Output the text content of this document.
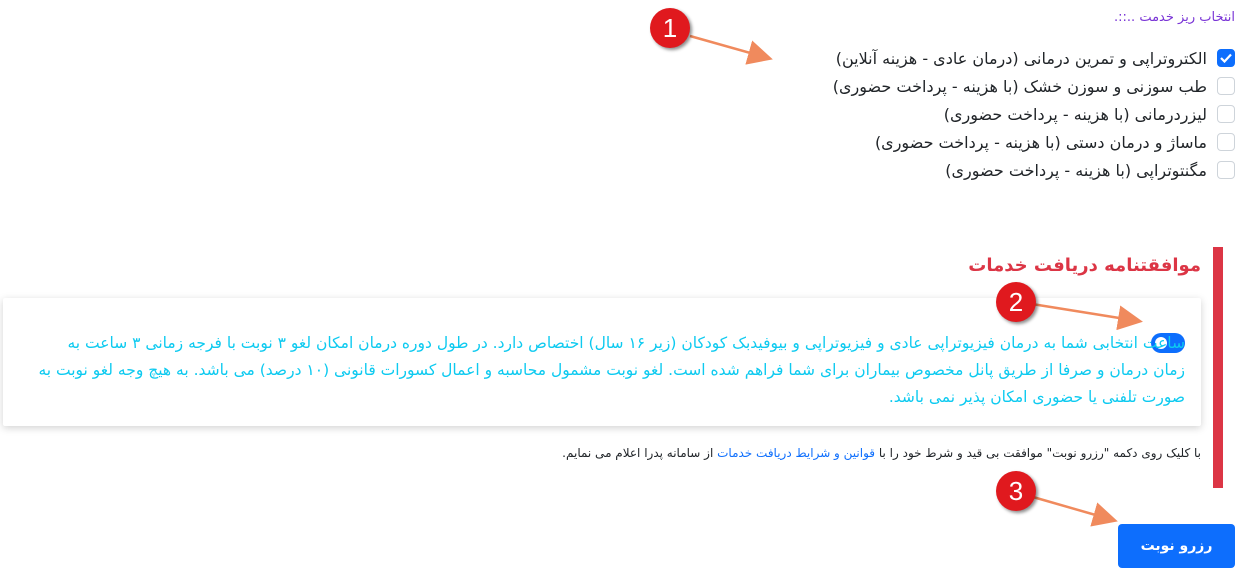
انتخاب ریز خدمت ..::.
الکتروتراپی و تمرین درمانی (درمان عادی - هزینه آنلاین)
طب سوزنی و سوزن خشک (با هزینه - پرداخت حضوری)
لیزردرمانی (با هزینه - پرداخت حضوری)
ماساژ و درمان دستی (با هزینه - پرداخت حضوری)
مگنتوتراپی (با هزینه - پرداخت حضوری)
موافقتنامه دریافت خدمات
ساعت انتخابی شما به درمان فیزیوتراپی عادی و فیزیوتراپی و بیوفیدبک کودکان (زیر ۱۶ سال) اختصاص دارد. در طول دوره درمان امکان لغو ۳ نوبت با فرجه زمانی ۳ ساعت به زمان درمان و صرفا از طریق پانل مخصوص بیماران برای شما فراهم شده است. لغو نوبت مشمول محاسبه و اعمال کسورات قانونی (۱۰ درصد) می باشد. به هیچ وجه لغو نوبت به صورت تلفنی یا حضوری امکان پذیر نمی باشد.
با کلیک روی دکمه "رزرو نوبت" موافقت بی قید و شرط خود را با قوانین و شرایط دریافت خدمات از سامانه پدرا اعلام می نمایم.
رزرو نوبت
1
2
3
